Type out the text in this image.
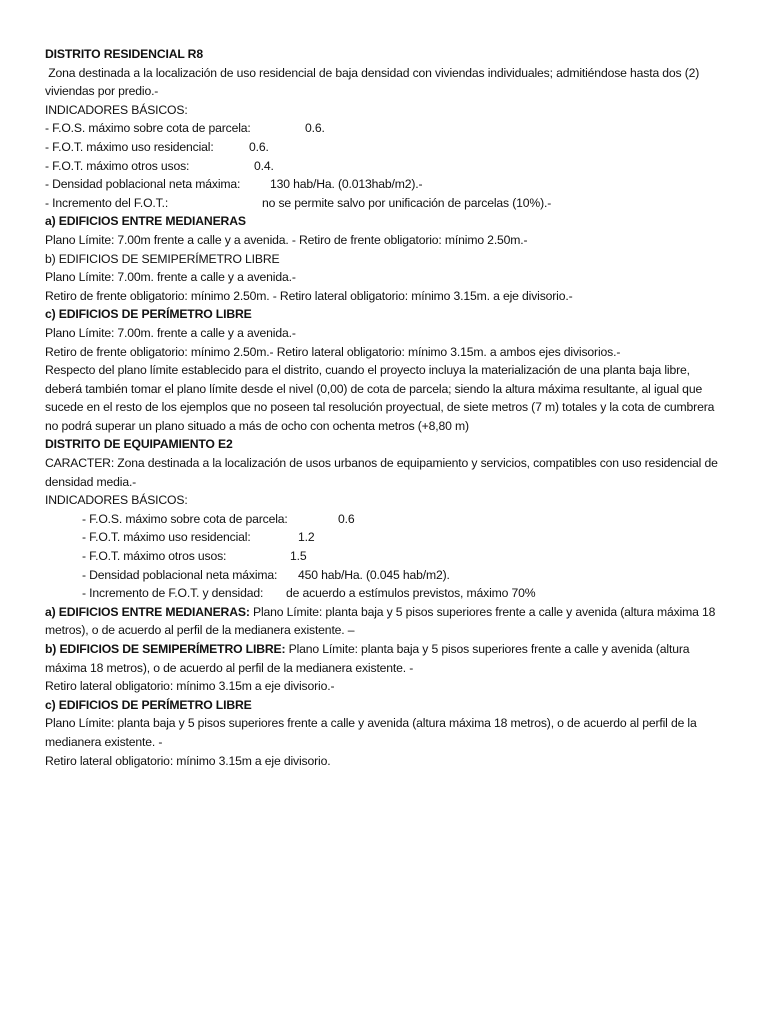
DISTRITO RESIDENCIAL R8

Zona destinada a la localización de uso residencial de baja densidad con viviendas individuales; admitiéndose hasta dos (2) viviendas por predio.-

INDICADORES BÁSICOS:

- F.O.S. máximo sobre cota de parcela:	0.6.
- F.O.T. máximo uso residencial:	0.6.
- F.O.T. máximo otros usos:	0.4.
- Densidad poblacional neta máxima:	130 hab/Ha. (0.013hab/m2).-
- Incremento del F.O.T.:	no se permite salvo por unificación de parcelas (10%).-

a) EDIFICIOS ENTRE MEDIANERAS

Plano Límite: 7.00m frente a calle y a avenida. - Retiro de frente obligatorio: mínimo 2.50m.-

b) EDIFICIOS DE SEMIPERÍMETRO LIBRE

Plano Límite: 7.00m. frente a calle y a avenida.-

Retiro de frente obligatorio: mínimo 2.50m. - Retiro lateral obligatorio: mínimo 3.15m. a eje divisorio.-

c) EDIFICIOS DE PERÍMETRO LIBRE

Plano Límite: 7.00m. frente a calle y a avenida.-

Retiro de frente obligatorio: mínimo 2.50m.- Retiro lateral obligatorio: mínimo 3.15m. a ambos ejes divisorios.-

Respecto del plano límite establecido para el distrito, cuando el proyecto incluya la materialización de una planta baja libre, deberá también tomar el plano límite desde el nivel (0,00) de cota de parcela; siendo la altura máxima resultante, al igual que sucede en el resto de los ejemplos que no poseen tal resolución proyectual, de siete metros (7 m) totales y la cota de cumbrera no podrá superar un plano situado a más de ocho con ochenta metros (+8,80 m)

DISTRITO DE EQUIPAMIENTO E2

CARACTER: Zona destinada a la localización de usos urbanos de equipamiento y servicios, compatibles con uso residencial de densidad media.-

INDICADORES BÁSICOS:

- F.O.S. máximo sobre cota de parcela:	0.6
- F.O.T. máximo uso residencial:	1.2
- F.O.T. máximo otros usos:	1.5
- Densidad poblacional neta máxima:	450 hab/Ha. (0.045 hab/m2).
- Incremento de F.O.T. y densidad:	de acuerdo a estímulos previstos, máximo 70%

a) EDIFICIOS ENTRE MEDIANERAS: Plano Límite: planta baja y 5 pisos superiores frente a calle y avenida (altura máxima 18 metros), o de acuerdo al perfil de la medianera existente. –

b) EDIFICIOS DE SEMIPERÍMETRO LIBRE: Plano Límite: planta baja y 5 pisos superiores frente a calle y avenida (altura máxima 18 metros), o de acuerdo al perfil de la medianera existente. -

Retiro lateral obligatorio: mínimo 3.15m a eje divisorio.-

c) EDIFICIOS DE PERÍMETRO LIBRE

Plano Límite: planta baja y 5 pisos superiores frente a calle y avenida (altura máxima 18 metros), o de acuerdo al perfil de la medianera existente. -

Retiro lateral obligatorio: mínimo 3.15m a eje divisorio.
